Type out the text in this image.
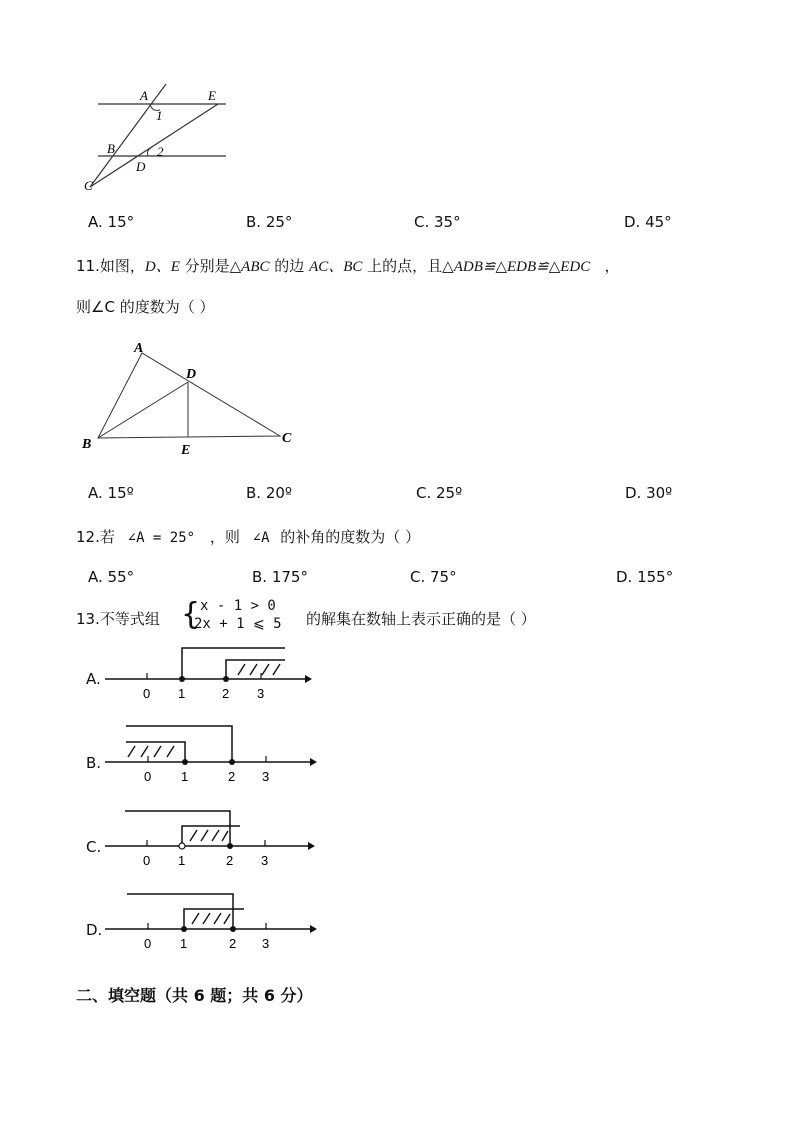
A	E
1
B	2
D
C
A. 15°	B. 25°	C. 35°	D. 45°
11.如图，D、E 分别是△ABC 的边 AC、BC 上的点，且△ADB≌△EDB≌△EDC   ，
则∠C 的度数为（ ）
A
D
B	E
C
A. 15º	B. 20º	C. 25º	D. 30º
12.若 ∠A = 25° ，则 ∠A 的补角的度数为（ ）
A. 55°	B. 175°	C. 75°	D. 155°
13.不等式组 { x - 1 > 0
2x + 1 ⩽ 5 的解集在数轴上表示正确的是（ ）
A.
0 1	2 3
B.
0 1	2 3
C.
0 1	2 3
D.
0 1	2 3
二、填空题（共 6 题；共 6 分）
